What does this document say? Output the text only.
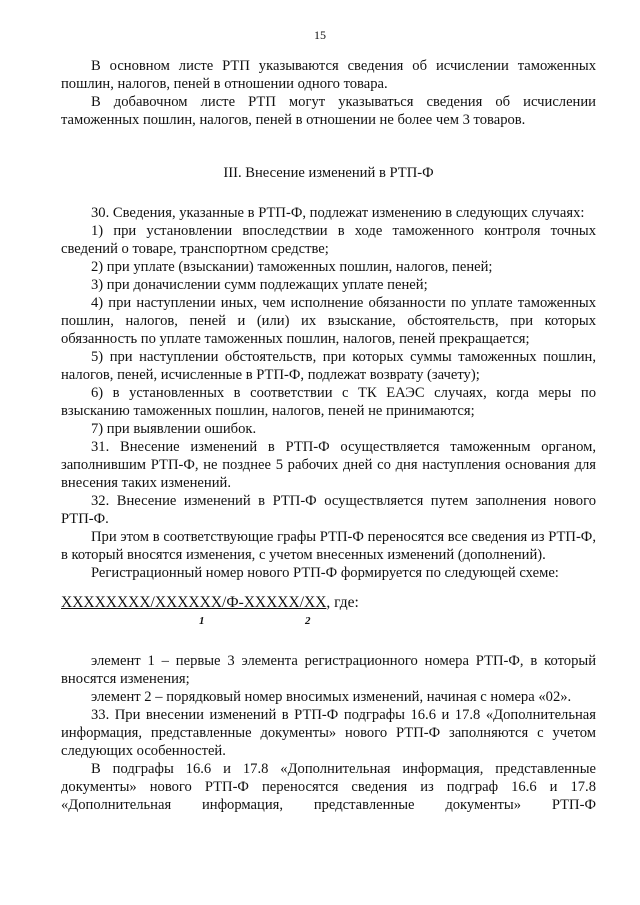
15

В основном листе РТП указываются сведения об исчислении таможенных пошлин, налогов, пеней в отношении одного товара.

В добавочном листе РТП могут указываться сведения об исчислении таможенных пошлин, налогов, пеней в отношении не более чем 3 товаров.

III. Внесение изменений в РТП-Ф

30. Сведения, указанные в РТП-Ф, подлежат изменению в следующих случаях:

1) при установлении впоследствии в ходе таможенного контроля точных сведений о товаре, транспортном средстве;

2) при уплате (взыскании) таможенных пошлин, налогов, пеней;

3) при доначислении сумм подлежащих уплате пеней;

4) при наступлении иных, чем исполнение обязанности по уплате таможенных пошлин, налогов, пеней и (или) их взыскание, обстоятельств, при которых обязанность по уплате таможенных пошлин, налогов, пеней прекращается;

5) при наступлении обстоятельств, при которых суммы таможенных пошлин, налогов, пеней, исчисленные в РТП-Ф, подлежат возврату (зачету);

6) в установленных в соответствии с ТК ЕАЭС случаях, когда меры по взысканию таможенных пошлин, налогов, пеней не принимаются;

7) при выявлении ошибок.

31. Внесение изменений в РТП-Ф осуществляется таможенным органом, заполнившим РТП-Ф, не позднее 5 рабочих дней со дня наступления основания для внесения таких изменений.

32. Внесение изменений в РТП-Ф осуществляется путем заполнения нового РТП-Ф.

При этом в соответствующие графы РТП-Ф переносятся все сведения из РТП-Ф, в который вносятся изменения, с учетом внесенных изменений (дополнений).

Регистрационный номер нового РТП-Ф формируется по следующей схеме:

XXXXXXXX/XXXXXX/Ф-XXXXX/XX, где:
1	2

элемент 1 – первые 3 элемента регистрационного номера РТП-Ф, в который вносятся изменения;

элемент 2 – порядковый номер вносимых изменений, начиная с номера «02».

33. При внесении изменений в РТП-Ф подграфы 16.6 и 17.8 «Дополнительная информация, представленные документы» нового РТП-Ф заполняются с учетом следующих особенностей.

В подграфы 16.6 и 17.8 «Дополнительная информация, представленные документы» нового РТП-Ф переносятся сведения из подграф 16.6 и 17.8 «Дополнительная информация, представленные документы» РТП-Ф
